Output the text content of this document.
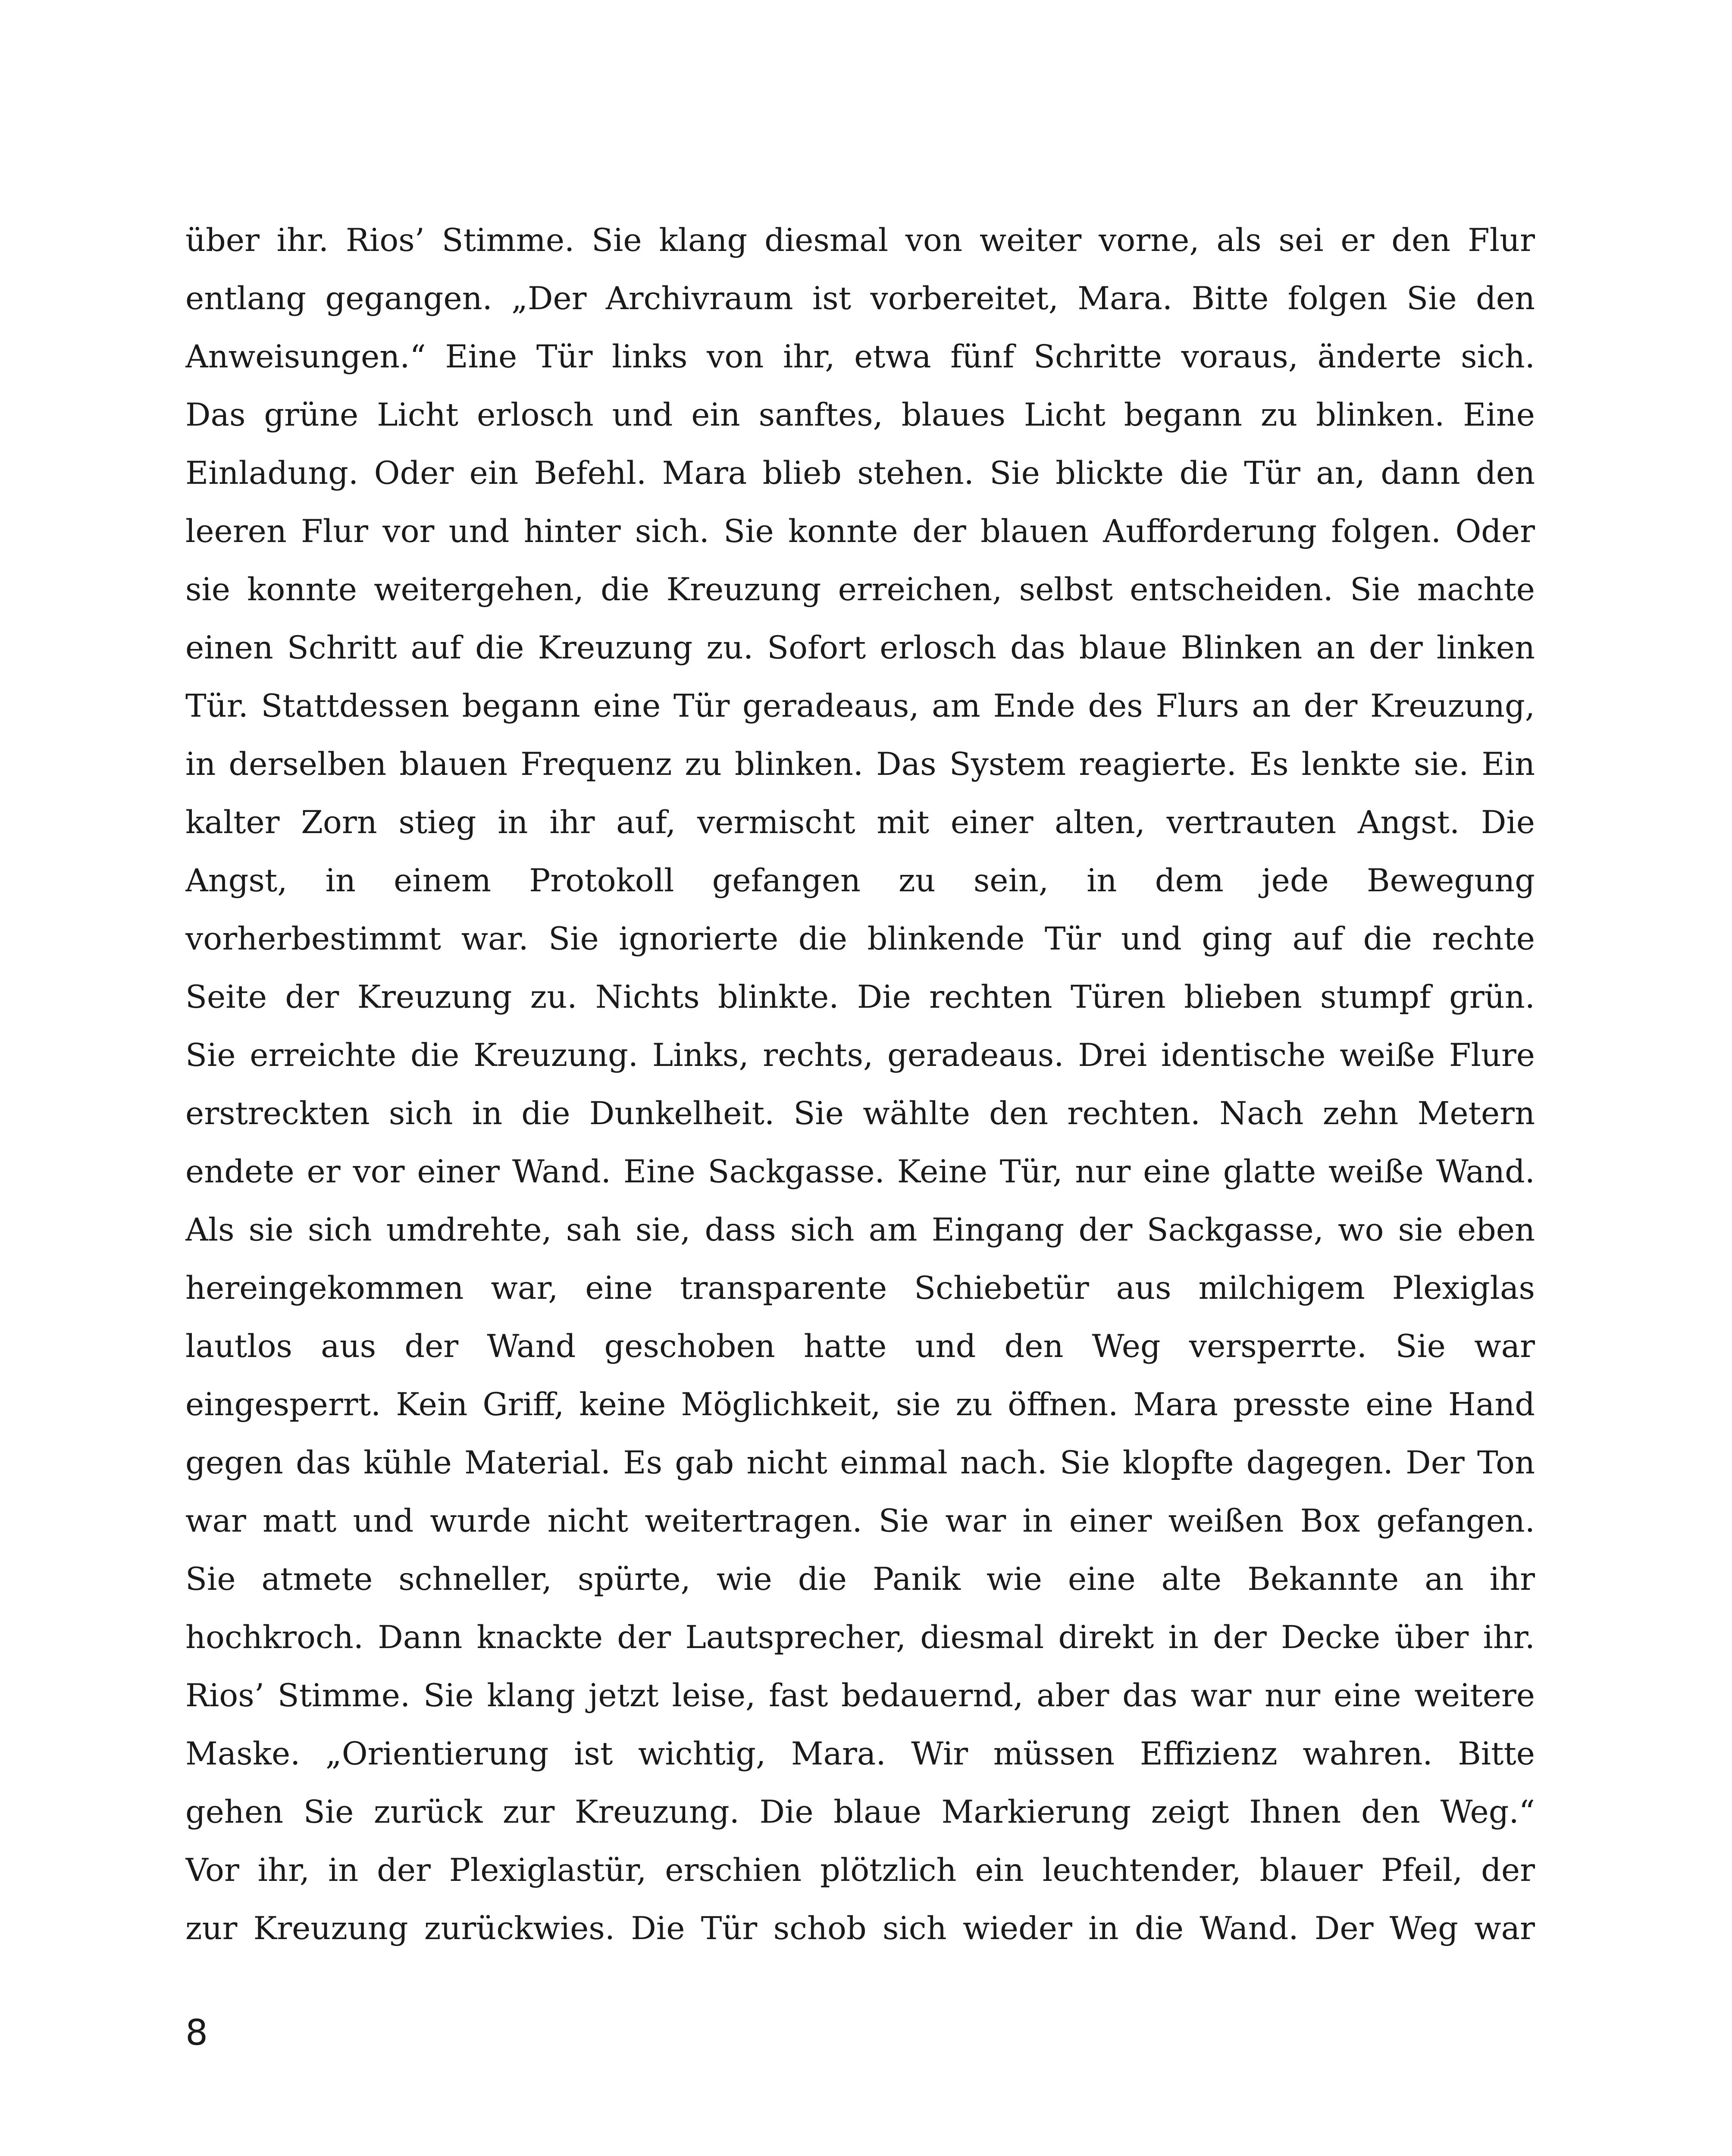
über ihr. Rios’ Stimme. Sie klang diesmal von weiter vorne, als sei er den Flur
entlang gegangen. „Der Archivraum ist vorbereitet, Mara. Bitte folgen Sie den
Anweisungen.“ Eine Tür links von ihr, etwa fünf Schritte voraus, änderte sich.
Das grüne Licht erlosch und ein sanftes, blaues Licht begann zu blinken. Eine
Einladung. Oder ein Befehl. Mara blieb stehen. Sie blickte die Tür an, dann den
leeren Flur vor und hinter sich. Sie konnte der blauen Aufforderung folgen. Oder
sie konnte weitergehen, die Kreuzung erreichen, selbst entscheiden. Sie machte
einen Schritt auf die Kreuzung zu. Sofort erlosch das blaue Blinken an der linken
Tür. Stattdessen begann eine Tür geradeaus, am Ende des Flurs an der Kreuzung,
in derselben blauen Frequenz zu blinken. Das System reagierte. Es lenkte sie. Ein
kalter Zorn stieg in ihr auf, vermischt mit einer alten, vertrauten Angst. Die
Angst, in einem Protokoll gefangen zu sein, in dem jede Bewegung
vorherbestimmt war. Sie ignorierte die blinkende Tür und ging auf die rechte
Seite der Kreuzung zu. Nichts blinkte. Die rechten Türen blieben stumpf grün.
Sie erreichte die Kreuzung. Links, rechts, geradeaus. Drei identische weiße Flure
erstreckten sich in die Dunkelheit. Sie wählte den rechten. Nach zehn Metern
endete er vor einer Wand. Eine Sackgasse. Keine Tür, nur eine glatte weiße Wand.
Als sie sich umdrehte, sah sie, dass sich am Eingang der Sackgasse, wo sie eben
hereingekommen war, eine transparente Schiebetür aus milchigem Plexiglas
lautlos aus der Wand geschoben hatte und den Weg versperrte. Sie war
eingesperrt. Kein Griff, keine Möglichkeit, sie zu öffnen. Mara presste eine Hand
gegen das kühle Material. Es gab nicht einmal nach. Sie klopfte dagegen. Der Ton
war matt und wurde nicht weitertragen. Sie war in einer weißen Box gefangen.
Sie atmete schneller, spürte, wie die Panik wie eine alte Bekannte an ihr
hochkroch. Dann knackte der Lautsprecher, diesmal direkt in der Decke über ihr.
Rios’ Stimme. Sie klang jetzt leise, fast bedauernd, aber das war nur eine weitere
Maske. „Orientierung ist wichtig, Mara. Wir müssen Effizienz wahren. Bitte
gehen Sie zurück zur Kreuzung. Die blaue Markierung zeigt Ihnen den Weg.“
Vor ihr, in der Plexiglastür, erschien plötzlich ein leuchtender, blauer Pfeil, der
zur Kreuzung zurückwies. Die Tür schob sich wieder in die Wand. Der Weg war
8
